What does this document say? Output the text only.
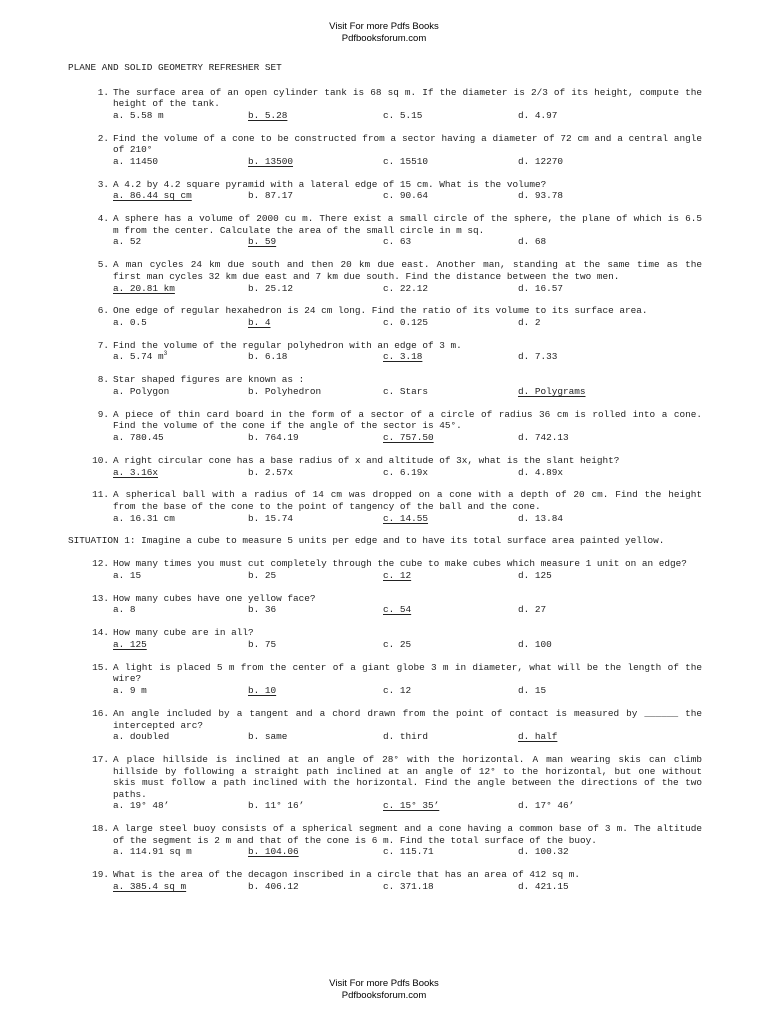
Visit For more Pdfs Books
Pdfbooksforum.com
PLANE AND SOLID GEOMETRY REFRESHER SET
1. The surface area of an open cylinder tank is 68 sq m. If the diameter is 2/3 of its height, compute the height of the tank.
a. 5.58 m	b. 5.28	c. 5.15	d. 4.97
2. Find the volume of a cone to be constructed from a sector having a diameter of 72 cm and a central angle of 210°
a. 11450	b. 13500	c. 15510	d. 12270
3. A 4.2 by 4.2 square pyramid with a lateral edge of 15 cm. What is the volume?
a. 86.44 sq cm	b. 87.17	c. 90.64	d. 93.78
4. A sphere has a volume of 2000 cu m. There exist a small circle of the sphere, the plane of which is 6.5 m from the center. Calculate the area of the small circle in m sq.
a. 52	b. 59	c. 63	d. 68
5. A man cycles 24 km due south and then 20 km due east. Another man, standing at the same time as the first man cycles 32 km due east and 7 km due south. Find the distance between the two men.
a. 20.81 km	b. 25.12	c. 22.12	d. 16.57
6. One edge of regular hexahedron is 24 cm long. Find the ratio of its volume to its surface area.
a. 0.5	b. 4	c. 0.125	d. 2
7. Find the volume of the regular polyhedron with an edge of 3 m.
a. 5.74 $m^3$	b. 6.18	c. 3.18	d. 7.33
8. Star shaped figures are known as :
a. Polygon	b. Polyhedron	c. Stars	d. Polygrams
9. A piece of thin card board in the form of a sector of a circle of radius 36 cm is rolled into a cone. Find the volume of the cone if the angle of the sector is 45°.
a. 780.45	b. 764.19	c. 757.50	d. 742.13
10. A right circular cone has a base radius of x and altitude of 3x, what is the slant height?
a. 3.16x	b. 2.57x	c. 6.19x	d. 4.89x
11. A spherical ball with a radius of 14 cm was dropped on a cone with a depth of 20 cm. Find the height from the base of the cone to the point of tangency of the ball and the cone.
a. 16.31 cm	b. 15.74	c. 14.55	d. 13.84
SITUATION 1: Imagine a cube to measure 5 units per edge and to have its total surface area painted yellow.
12. How many times you must cut completely through the cube to make cubes which measure 1 unit on an edge?
a. 15	b. 25	c. 12	d. 125
13. How many cubes have one yellow face?
a. 8	b. 36	c. 54	d. 27
14. How many cube are in all?
a. 125	b. 75	c. 25	d. 100
15. A light is placed 5 m from the center of a giant globe 3 m in diameter, what will be the length of the wire?
a. 9 m	b. 10	c. 12	d. 15
16. An angle included by a tangent and a chord drawn from the point of contact is measured by ______ the intercepted arc?
a. doubled	b. same	d. third	d. half
17. A place hillside is inclined at an angle of 28° with the horizontal. A man wearing skis can climb hillside by following a straight path inclined at an angle of 12° to the horizontal, but one without skis must follow a path inclined with the horizontal. Find the angle between the directions of the two paths.
a. 19° 48’	b. 11° 16’	c. 15° 35’	d. 17° 46’
18. A large steel buoy consists of a spherical segment and a cone having a common base of 3 m. The altitude of the segment is 2 m and that of the cone is 6 m. Find the total surface of the buoy.
a. 114.91 sq m	b. 104.06	c. 115.71	d. 100.32
19. What is the area of the decagon inscribed in a circle that has an area of 412 sq m.
a. 385.4 sq m	b. 406.12	c. 371.18	d. 421.15
Visit For more Pdfs Books
Pdfbooksforum.com
